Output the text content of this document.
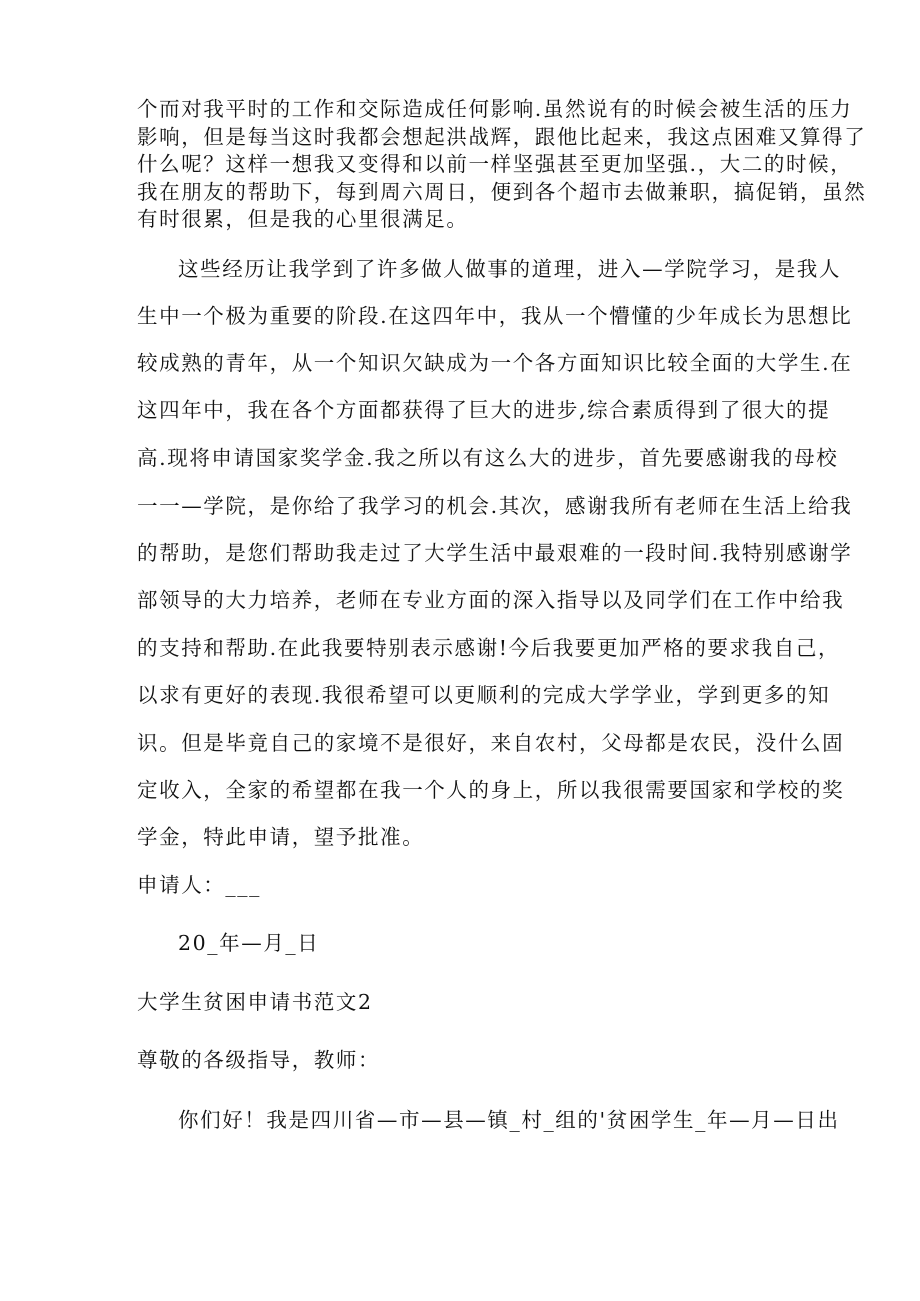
个而对我平时的工作和交际造成任何影响.虽然说有的时候会被生活的压力
影响，但是每当这时我都会想起洪战辉，跟他比起来，我这点困难又算得了
什么呢？这样一想我又变得和以前一样坚强甚至更加坚强.，大二的时候，
我在朋友的帮助下，每到周六周日，便到各个超市去做兼职，搞促销，虽然
有时很累，但是我的心里很满足。
这些经历让我学到了许多做人做事的道理，进入—学院学习，是我人
生中一个极为重要的阶段.在这四年中，我从一个懵懂的少年成长为思想比
较成熟的青年，从一个知识欠缺成为一个各方面知识比较全面的大学生.在
这四年中，我在各个方面都获得了巨大的进步,综合素质得到了很大的提
高.现将申请国家奖学金.我之所以有这么大的进步，首先要感谢我的母校
一一—学院，是你给了我学习的机会.其次，感谢我所有老师在生活上给我
的帮助，是您们帮助我走过了大学生活中最艰难的一段时间.我特别感谢学
部领导的大力培养，老师在专业方面的深入指导以及同学们在工作中给我
的支持和帮助.在此我要特别表示感谢!今后我要更加严格的要求我自己，
以求有更好的表现.我很希望可以更顺利的完成大学学业，学到更多的知
识。但是毕竟自己的家境不是很好，来自农村，父母都是农民，没什么固
定收入，全家的希望都在我一个人的身上，所以我很需要国家和学校的奖
学金，特此申请，望予批准。
申请人：___
20_年—月_日
大学生贫困申请书范文2
尊敬的各级指导，教师：
你们好！我是四川省—市—县—镇_村_组的'贫困学生_年—月—日出
